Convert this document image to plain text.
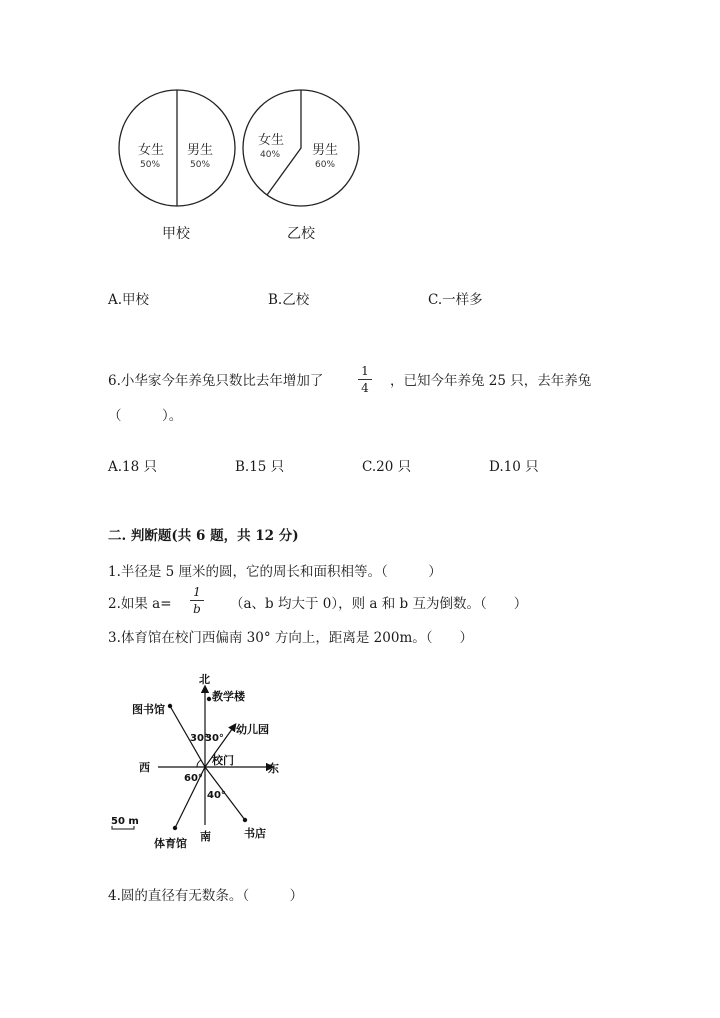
女生
50%
男生
50%
女生
40% 男生
60%
甲校	乙校
A.甲校	B.乙校	C.一样多
6.小华家今年养兔只数比去年增加了
1
4 ，已知今年养兔 25 只，去年养兔
（　　　）。
A.18 只	B.15 只	C.20 只	D.10 只
二. 判断题(共 6 题，共 12 分)
1.半径是 5 厘米的圆，它的周长和面积相等。（　　　）
2.如果 a=
1
b （a、b 均大于 0），则 a 和 b 互为倒数。（　　）
3.体育馆在校门西偏南 30° 方向上，距离是 200m。（　　）
北
南
西	东
教学楼
图书馆
幼儿园
校门
体育馆
书店
30°
30°
60°
40°
50 m
4.圆的直径有无数条。（　　　）
